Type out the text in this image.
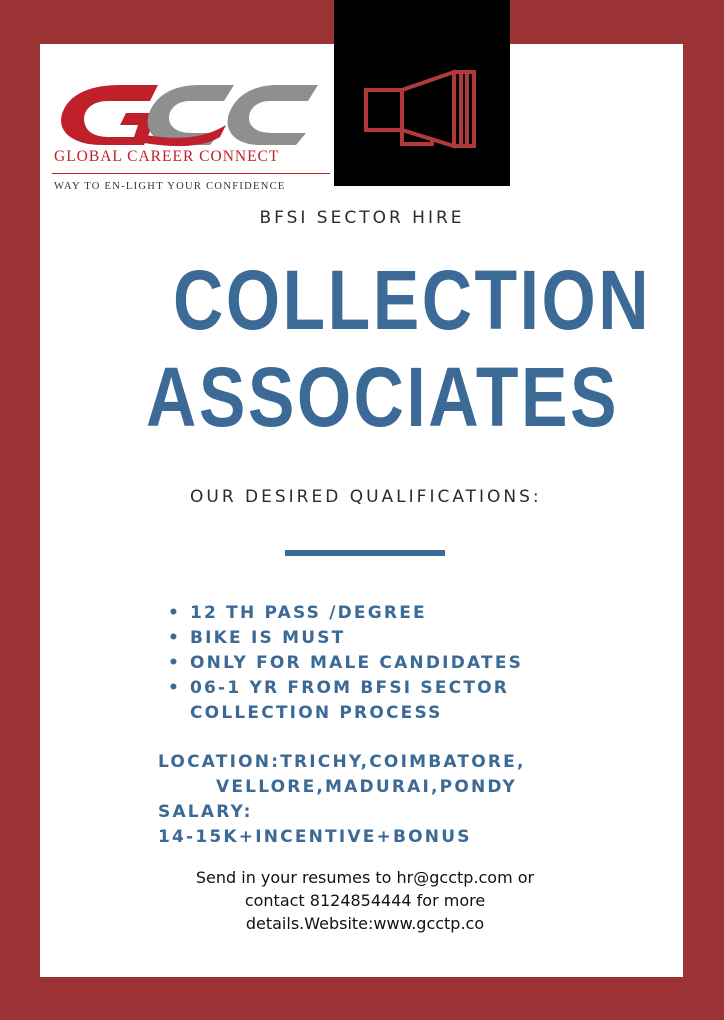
GCC
GLOBAL CAREER CONNECT
WAY TO EN-LIGHT YOUR CONFIDENCE
BFSI SECTOR HIRE
COLLECTION
ASSOCIATES
OUR DESIRED QUALIFICATIONS:
• 12 TH PASS /DEGREE
• BIKE IS MUST
• ONLY FOR MALE CANDIDATES
• 06-1 YR FROM BFSI SECTOR
COLLECTION PROCESS
LOCATION:TRICHY,COIMBATORE,
VELLORE,MADURAI,PONDY
SALARY:
14-15K+INCENTIVE+BONUS
Send in your resumes to hr@gcctp.com or
contact 8124854444 for more
details.Website:www.gcctp.co
